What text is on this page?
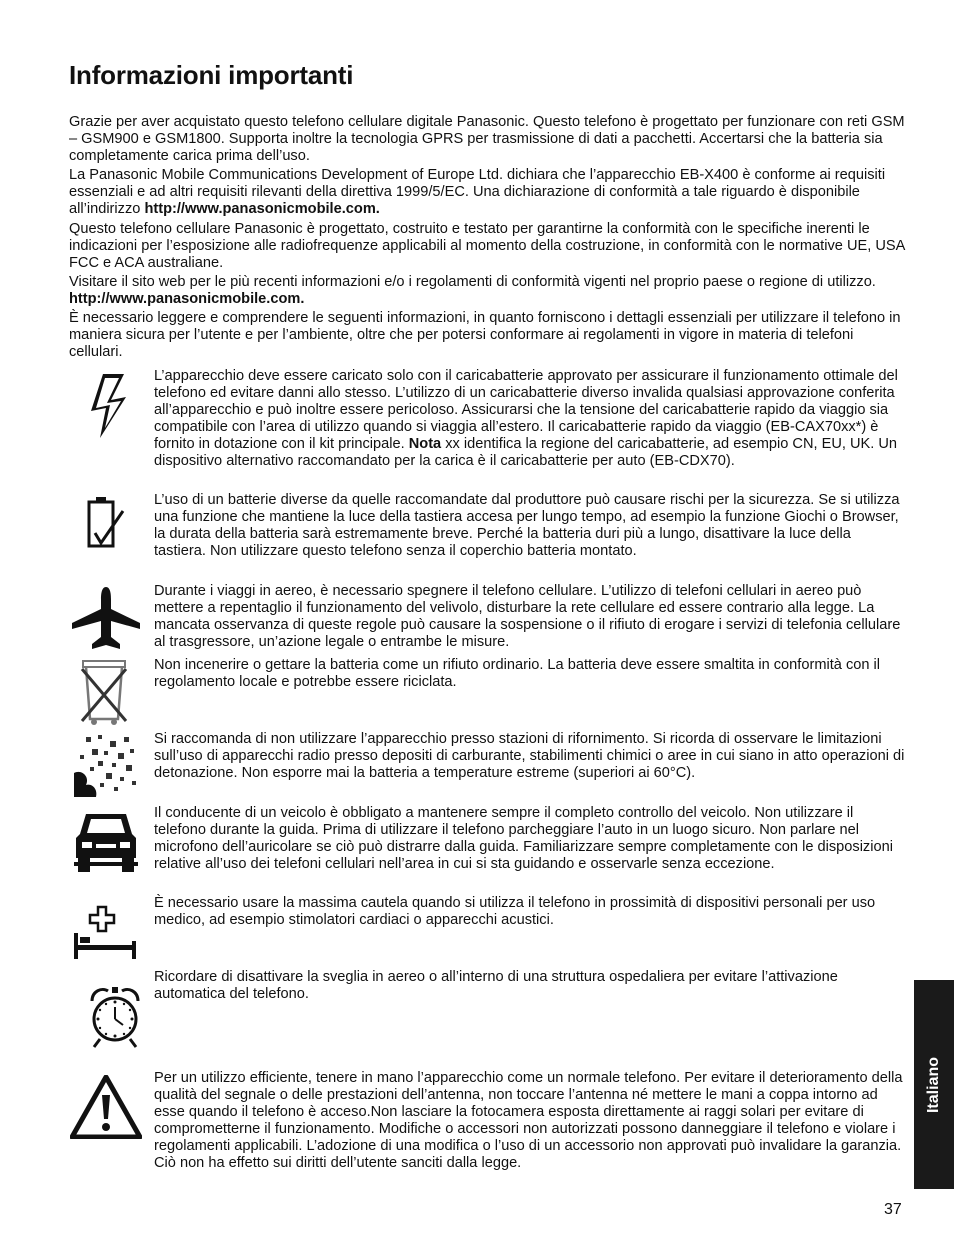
Informazioni importanti

Grazie per aver acquistato questo telefono cellulare digitale Panasonic. Questo telefono è progettato per funzionare con reti GSM – GSM900 e GSM1800. Supporta inoltre la tecnologia GPRS per trasmissione di dati a pacchetti. Accertarsi che la batteria sia completamente carica prima dell’uso.

La Panasonic Mobile Communications Development of Europe Ltd. dichiara che l’apparecchio EB-X400 è conforme ai requisiti essenziali e ad altri requisiti rilevanti della direttiva 1999/5/EC. Una dichiarazione di conformità a tale riguardo è disponibile all’indirizzo http://www.panasonicmobile.com.

Questo telefono cellulare Panasonic è progettato, costruito e testato per garantirne la conformità con le specifiche inerenti le indicazioni per l’esposizione alle radiofrequenze applicabili al momento della costruzione, in conformità con le normative UE, USA FCC e ACA australiane.

Visitare il sito web per le più recenti informazioni e/o i regolamenti di conformità vigenti nel proprio paese o regione di utilizzo. http://www.panasonicmobile.com.

È necessario leggere e comprendere le seguenti informazioni, in quanto forniscono i dettagli essenziali per utilizzare il telefono in maniera sicura per l’utente e per l’ambiente, oltre che per potersi conformare ai regolamenti in vigore in materia di telefoni cellulari.

L’apparecchio deve essere caricato solo con il caricabatterie approvato per assicurare il funzionamento ottimale del telefono ed evitare danni allo stesso. L’utilizzo di un caricabatterie diverso invalida qualsiasi approvazione conferita all’apparecchio e può inoltre essere pericoloso. Assicurarsi che la tensione del caricabatterie rapido da viaggio sia compatibile con l’area di utilizzo quando si viaggia all’estero. Il caricabatterie rapido da viaggio (EB-CAX70xx*) è fornito in dotazione con il kit principale. Nota xx identifica la regione del caricabatterie, ad esempio CN, EU, UK. Un dispositivo alternativo raccomandato per la carica è il caricabatterie per auto (EB-CDX70).

L’uso di un batterie diverse da quelle raccomandate dal produttore può causare rischi per la sicurezza. Se si utilizza una funzione che mantiene la luce della tastiera accesa per lungo tempo, ad esempio la funzione Giochi o Browser, la durata della batteria sarà estremamente breve. Perché la batteria duri più a lungo, disattivare la luce della tastiera. Non utilizzare questo telefono senza il coperchio batteria montato.

Durante i viaggi in aereo, è necessario spegnere il telefono cellulare. L’utilizzo di telefoni cellulari in aereo può mettere a repentaglio il funzionamento del velivolo, disturbare la rete cellulare ed essere contrario alla legge. La mancata osservanza di queste regole può causare la sospensione o il rifiuto di erogare i servizi di telefonia cellulare al trasgressore, un’azione legale o entrambe le misure.

Non incenerire o gettare la batteria come un rifiuto ordinario. La batteria deve essere smaltita in conformità con il regolamento locale e potrebbe essere riciclata.

Si raccomanda di non utilizzare l’apparecchio presso stazioni di rifornimento. Si ricorda di osservare le limitazioni sull’uso di apparecchi radio presso depositi di carburante, stabilimenti chimici o aree in cui siano in atto operazioni di detonazione. Non esporre mai la batteria a temperature estreme (superiori ai 60°C).

Il conducente di un veicolo è obbligato a mantenere sempre il completo controllo del veicolo. Non utilizzare il telefono durante la guida. Prima di utilizzare il telefono parcheggiare l’auto in un luogo sicuro. Non parlare nel microfono dell’auricolare se ciò può distrarre dalla guida. Familiarizzare sempre completamente con le disposizioni relative all’uso dei telefoni cellulari nell’area in cui si sta guidando e osservarle senza eccezione.

È necessario usare la massima cautela quando si utilizza il telefono in prossimità di dispositivi personali per uso medico, ad esempio stimolatori cardiaci o apparecchi acustici.

Ricordare di disattivare la sveglia in aereo o all’interno di una struttura ospedaliera per evitare l’attivazione automatica del telefono.

Per un utilizzo efficiente, tenere in mano l’apparecchio come un normale telefono. Per evitare il deterioramento della qualità del segnale o delle prestazioni dell’antenna, non toccare l’antenna né mettere le mani a coppa intorno ad esse quando il telefono è acceso.Non lasciare la fotocamera esposta direttamente ai raggi solari per evitare di comprometterne il funzionamento. Modifiche o accessori non autorizzati possono danneggiare il telefono e violare i regolamenti applicabili. L’adozione di una modifica o l’uso di un accessorio non approvati può invalidare la garanzia. Ciò non ha effetto sui diritti dell’utente sanciti dalla legge.

Italiano
37
